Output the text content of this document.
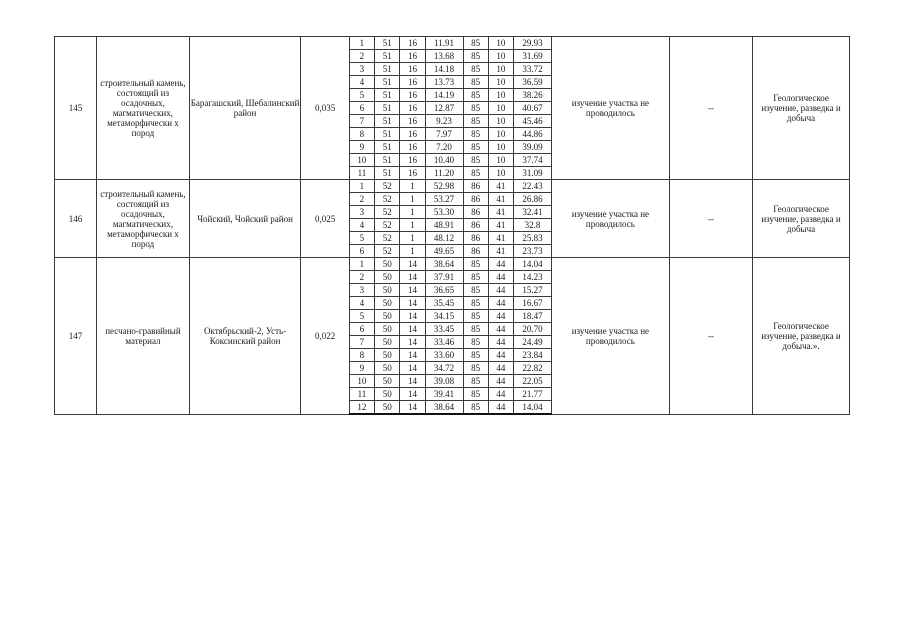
145	строительный камень, состоящий из осадочных, магматических, метаморфически х пород	Барагашский, Шебалинский район	0,035	1	51	16	11.91	85	10	29.93	изучение участка не проводилось	--	Геологическое изучение, разведка и добыча
				2	51	16	13.68	85	10	31.69			
				3	51	16	14.18	85	10	33.72			
				4	51	16	13.73	85	10	36.59			
				5	51	16	14.19	85	10	38.26			
				6	51	16	12.87	85	10	40.67			
				7	51	16	9.23	85	10	45.46			
				8	51	16	7.97	85	10	44.86			
				9	51	16	7.20	85	10	39.09			
				10	51	16	10.40	85	10	37.74			
				11	51	16	11.20	85	10	31.09			
146	строительный камень, состоящий из осадочных, магматических, метаморфически х пород	Чойский, Чойский район	0,025	1	52	1	52.98	86	41	22.43	изучение участка не проводилось	--	Геологическое изучение, разведка и добыча
				2	52	1	53.27	86	41	26.86			
				3	52	1	53.30	86	41	32.41			
				4	52	1	48.91	86	41	32.8			
				5	52	1	48.12	86	41	25.83			
				6	52	1	49.65	86	41	23.73			
147	песчано-гравийный материал	Октябрьский-2, Усть-Коксинский район	0,022	1	50	14	38.64	85	44	14.04	изучение участка не проводилось	--	Геологическое изучение, разведка и добыча.».
				2	50	14	37.91	85	44	14.23			
				3	50	14	36.65	85	44	15.27			
				4	50	14	35.45	85	44	16.67			
				5	50	14	34.15	85	44	18.47			
				6	50	14	33.45	85	44	20.70			
				7	50	14	33.46	85	44	24.49			
				8	50	14	33.60	85	44	23.84			
				9	50	14	34.72	85	44	22.82			
				10	50	14	39.08	85	44	22.05			
				11	50	14	39.41	85	44	21.77			
				12	50	14	38.64	85	44	14.04			
